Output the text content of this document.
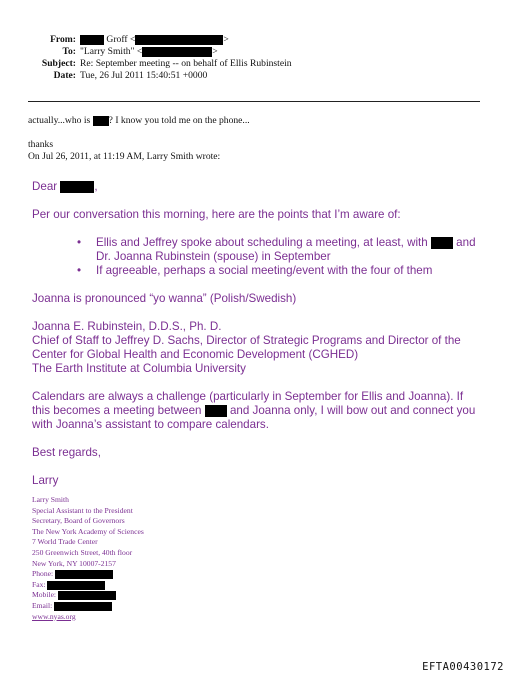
From:	Groff <	>
To: "Larry Smith" <	>
Subject: Re: September meeting -- on behalf of Ellis Rubinstein
Date: Tue, 26 Jul 2011 15:40:51 +0000
actually...who is ? I know you told me on the phone...
thanks
On Jul 26, 2011, at 11:19 AM, Larry Smith wrote:
Dear	,
Per our conversation this morning, here are the points that I’m aware of:
• Ellis and Jeffrey spoke about scheduling a meeting, at least, with and
Dr. Joanna Rubinstein (spouse) in September
• If agreeable, perhaps a social meeting/event with the four of them
Joanna is pronounced “yo wanna” (Polish/Swedish)
Joanna E. Rubinstein, D.D.S., Ph. D.
Chief of Staff to Jeffrey D. Sachs, Director of Strategic Programs and Director of the
Center for Global Health and Economic Development (CGHED)
The Earth Institute at Columbia University
Calendars are always a challenge (particularly in September for Ellis and Joanna). If
this becomes a meeting between and Joanna only, I will bow out and connect you
with Joanna’s assistant to compare calendars.
Best regards,
Larry
Larry Smith
Special Assistant to the President
Secretary, Board of Governors
The New York Academy of Sciences
7 World Trade Center
250 Greenwich Street, 40th floor
New York, NY 10007-2157
Phone:
Fax:
Mobile:
Email:
www.nyas.org
EFTA00430172
